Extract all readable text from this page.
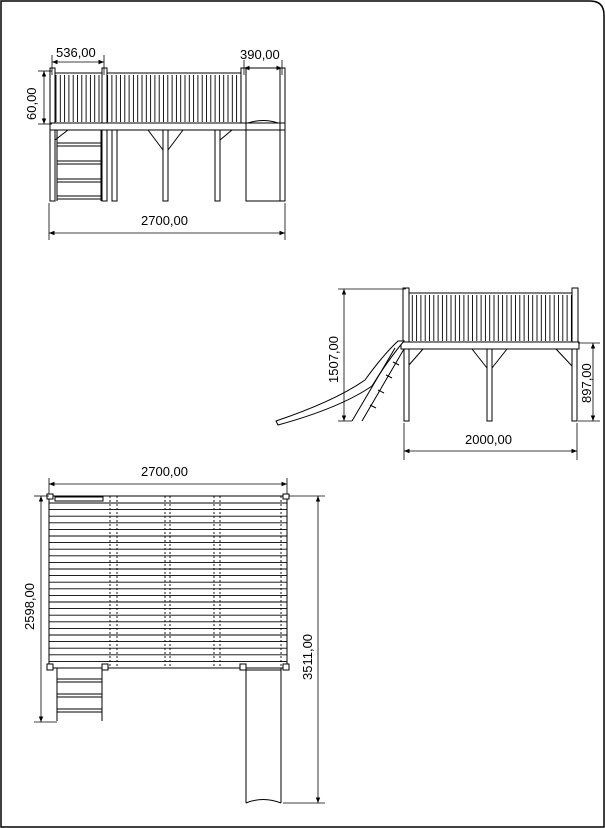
536,00	390,00
60,00
2700,00
1507,00
897,00
2000,00
2700,00
2598,00
3511,00
